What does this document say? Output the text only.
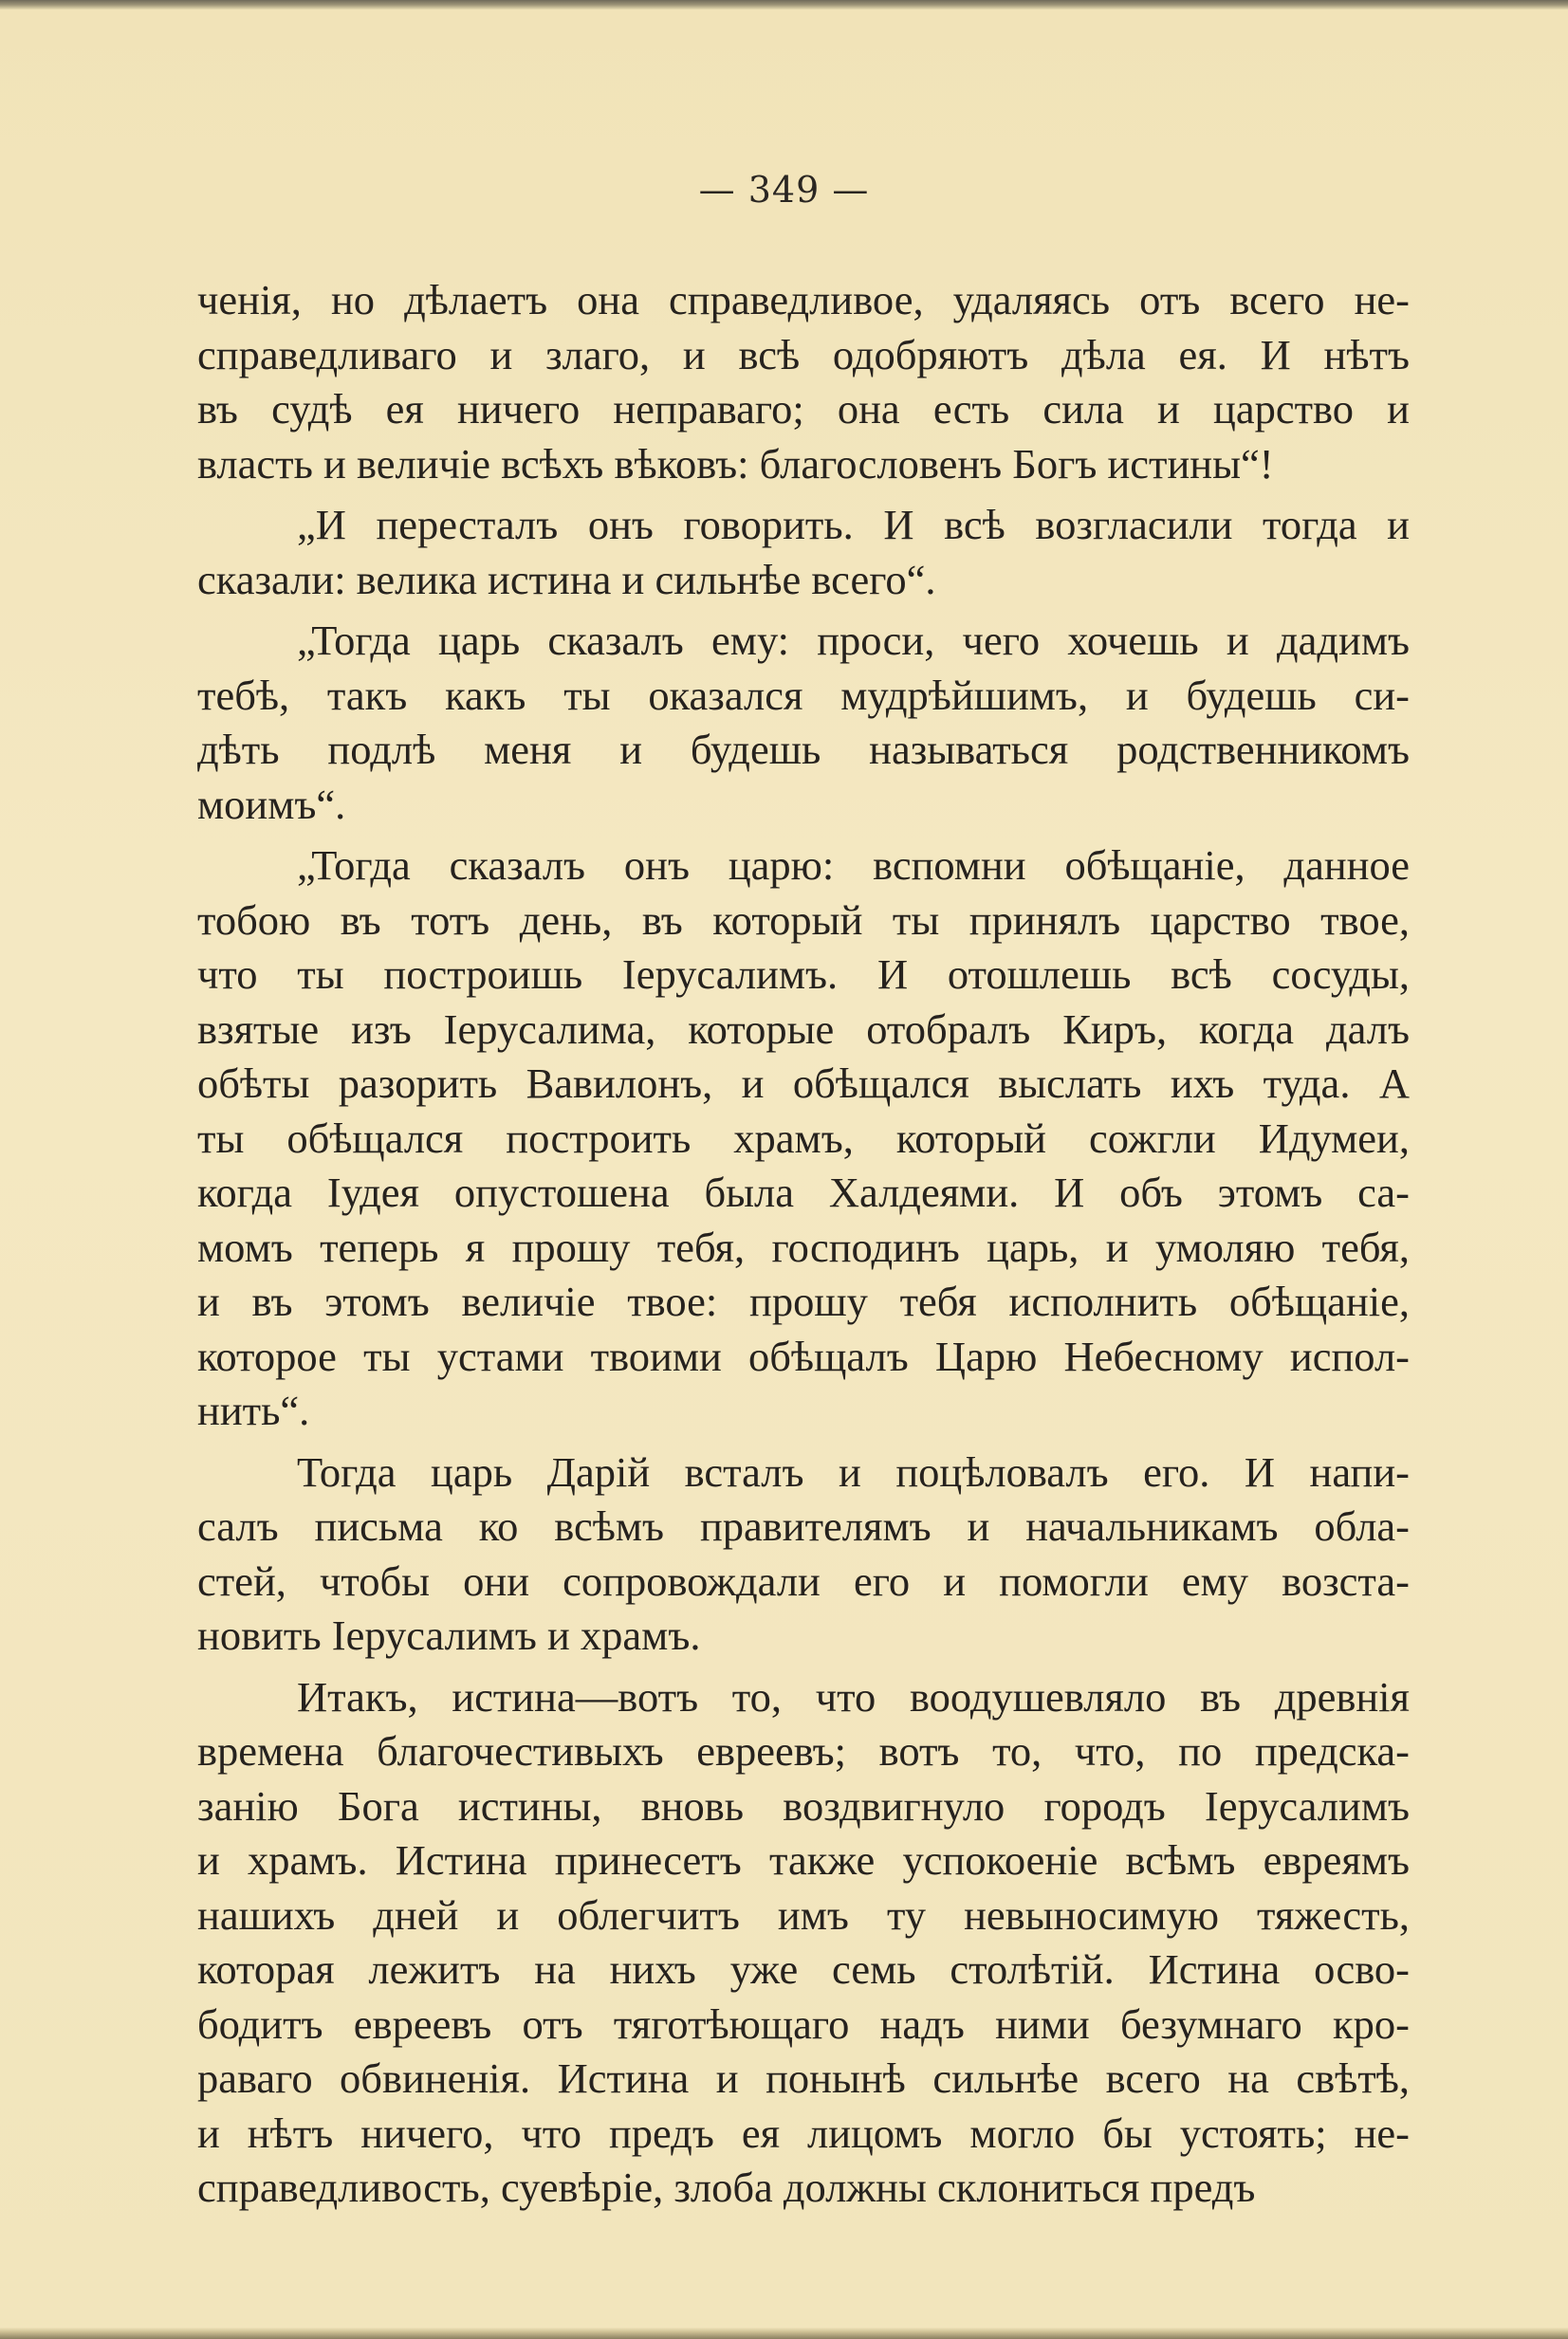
— 349 —
ченія, но дѣлаетъ она справедливое, удаляясь отъ всего не-
справедливаго и злаго, и всѣ одобряютъ дѣла ея. И нѣтъ
въ судѣ ея ничего неправаго; она есть сила и царство и
власть и величіе всѣхъ вѣковъ: благословенъ Богъ истины“!
„И пересталъ онъ говорить. И всѣ возгласили тогда и
сказали: велика истина и сильнѣе всего“.
„Тогда царь сказалъ ему: проси, чего хочешь и дадимъ
тебѣ, такъ какъ ты оказался мудрѣйшимъ, и будешь си-
дѣть подлѣ меня и будешь называться родственникомъ
моимъ“.
„Тогда сказалъ онъ царю: вспомни обѣщаніе, данное
тобою въ тотъ день, въ который ты принялъ царство твое,
что ты построишь Іерусалимъ. И отошлешь всѣ сосуды,
взятые изъ Іерусалима, которые отобралъ Киръ, когда далъ
обѣты разорить Вавилонъ, и обѣщался выслать ихъ туда. А
ты обѣщался построить храмъ, который сожгли Идумеи,
когда Іудея опустошена была Халдеями. И объ этомъ са-
момъ теперь я прошу тебя, господинъ царь, и умоляю тебя,
и въ этомъ величіе твое: прошу тебя исполнить обѣщаніе,
которое ты устами твоими обѣщалъ Царю Небесному испол-
нить“.
Тогда царь Дарій всталъ и поцѣловалъ его. И напи-
салъ письма ко всѣмъ правителямъ и начальникамъ обла-
стей, чтобы они сопровождали его и помогли ему возста-
новить Іерусалимъ и храмъ.
Итакъ, истина—вотъ то, что воодушевляло въ древнія
времена благочестивыхъ евреевъ; вотъ то, что, по предска-
занію Бога истины, вновь воздвигнуло городъ Іерусалимъ
и храмъ. Истина принесетъ также успокоеніе всѣмъ евреямъ
нашихъ дней и облегчитъ имъ ту невыносимую тяжесть,
которая лежитъ на нихъ уже семь столѣтій. Истина осво-
бодитъ евреевъ отъ тяготѣющаго надъ ними безумнаго кро-
раваго обвиненія. Истина и понынѣ сильнѣе всего на свѣтѣ,
и нѣтъ ничего, что предъ ея лицомъ могло бы устоять; не-
справедливость, суевѣріе, злоба должны склониться предъ
